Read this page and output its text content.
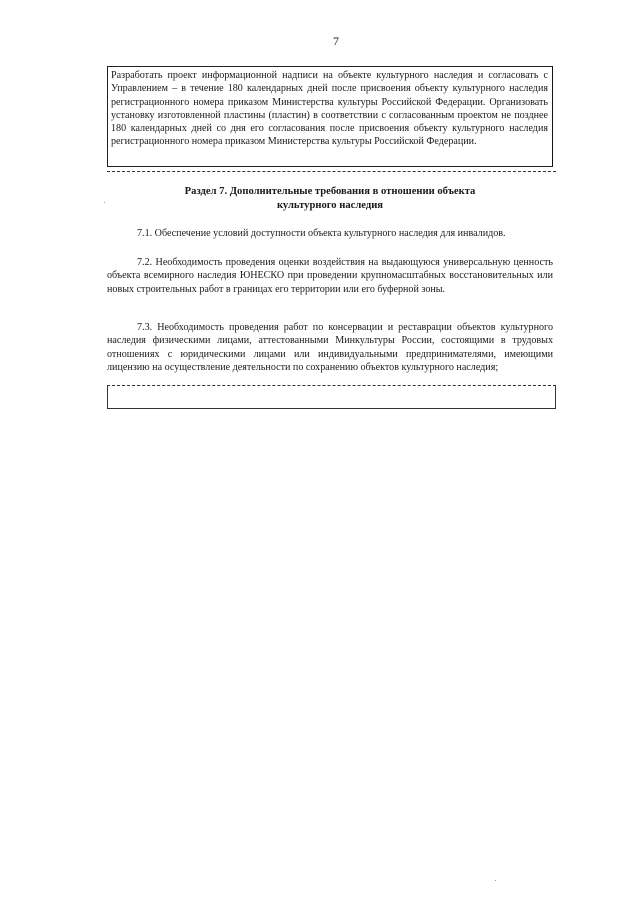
7
Разработать проект информационной надписи на объекте культурного наследия и согласовать с Управлением – в течение 180 календарных дней после присвоения объекту культурного наследия регистрационного номера приказом Министерства культуры Российской Федерации. Организовать установку изготовленной пластины (пластин) в соответствии с согласованным проектом не позднее 180 календарных дней со дня его согласования после присвоения объекту культурного наследия регистрационного номера приказом Министерства культуры Российской Федерации.
Раздел 7. Дополнительные требования в отношении объекта
культурного наследия
7.1. Обеспечение условий доступности объекта культурного наследия для инвалидов.
7.2. Необходимость проведения оценки воздействия на выдающуюся универсальную ценность объекта всемирного наследия ЮНЕСКО при проведении крупномасштабных восстановительных или новых строительных работ в границах его территории или его буферной зоны.
7.3. Необходимость проведения работ по консервации и реставрации объектов культурного наследия физическими лицами, аттестованными Минкультуры России, состоящими в трудовых отношениях с юридическими лицами или индивидуальными предпринимателями, имеющими лицензию на осуществление деятельности по сохранению объектов культурного наследия;
